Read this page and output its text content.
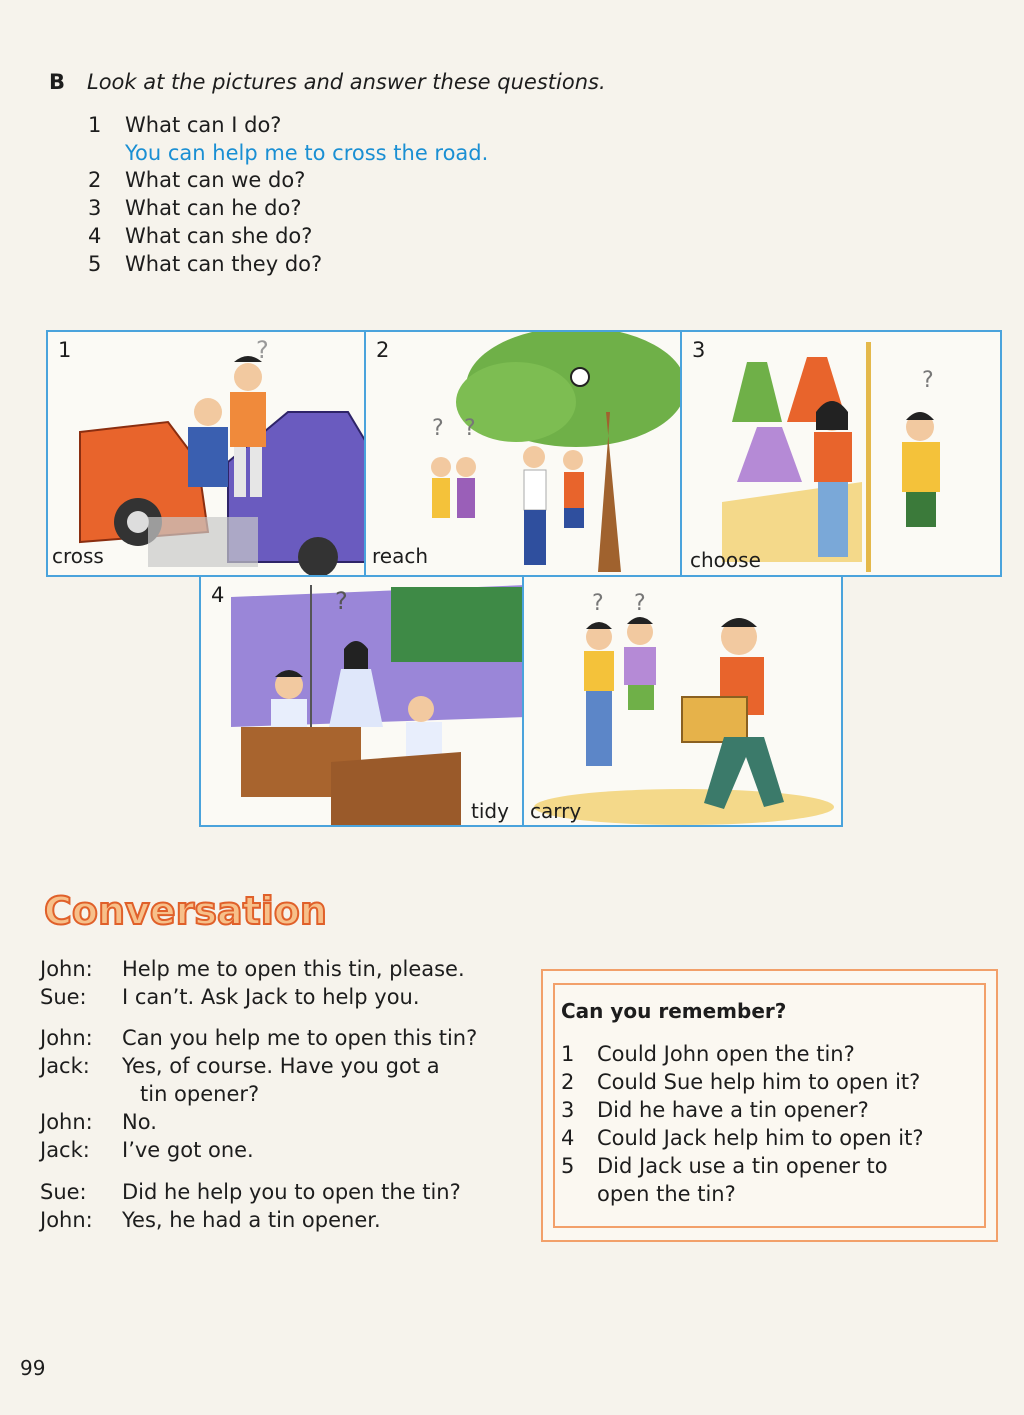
B Look at the pictures and answer these questions.
1 What can I do?
You can help me to cross the road.
2 What can we do?
3 What can he do?
4 What can she do?
5 What can they do?
1	?
cross
2
? ?
reach
3
?
choose
4	?
tidy
? ?
carry
Conversation
John: Help me to open this tin, please.
Sue: I can’t. Ask Jack to help you.
John: Can you help me to open this tin?
Jack: Yes, of course. Have you got a
tin opener?
John: No.
Jack: I’ve got one.
Sue: Did he help you to open the tin?
John: Yes, he had a tin opener.
Can you remember?
1 Could John open the tin?
2 Could Sue help him to open it?
3 Did he have a tin opener?
4 Could Jack help him to open it?
5 Did Jack use a tin opener to
open the tin?
99
